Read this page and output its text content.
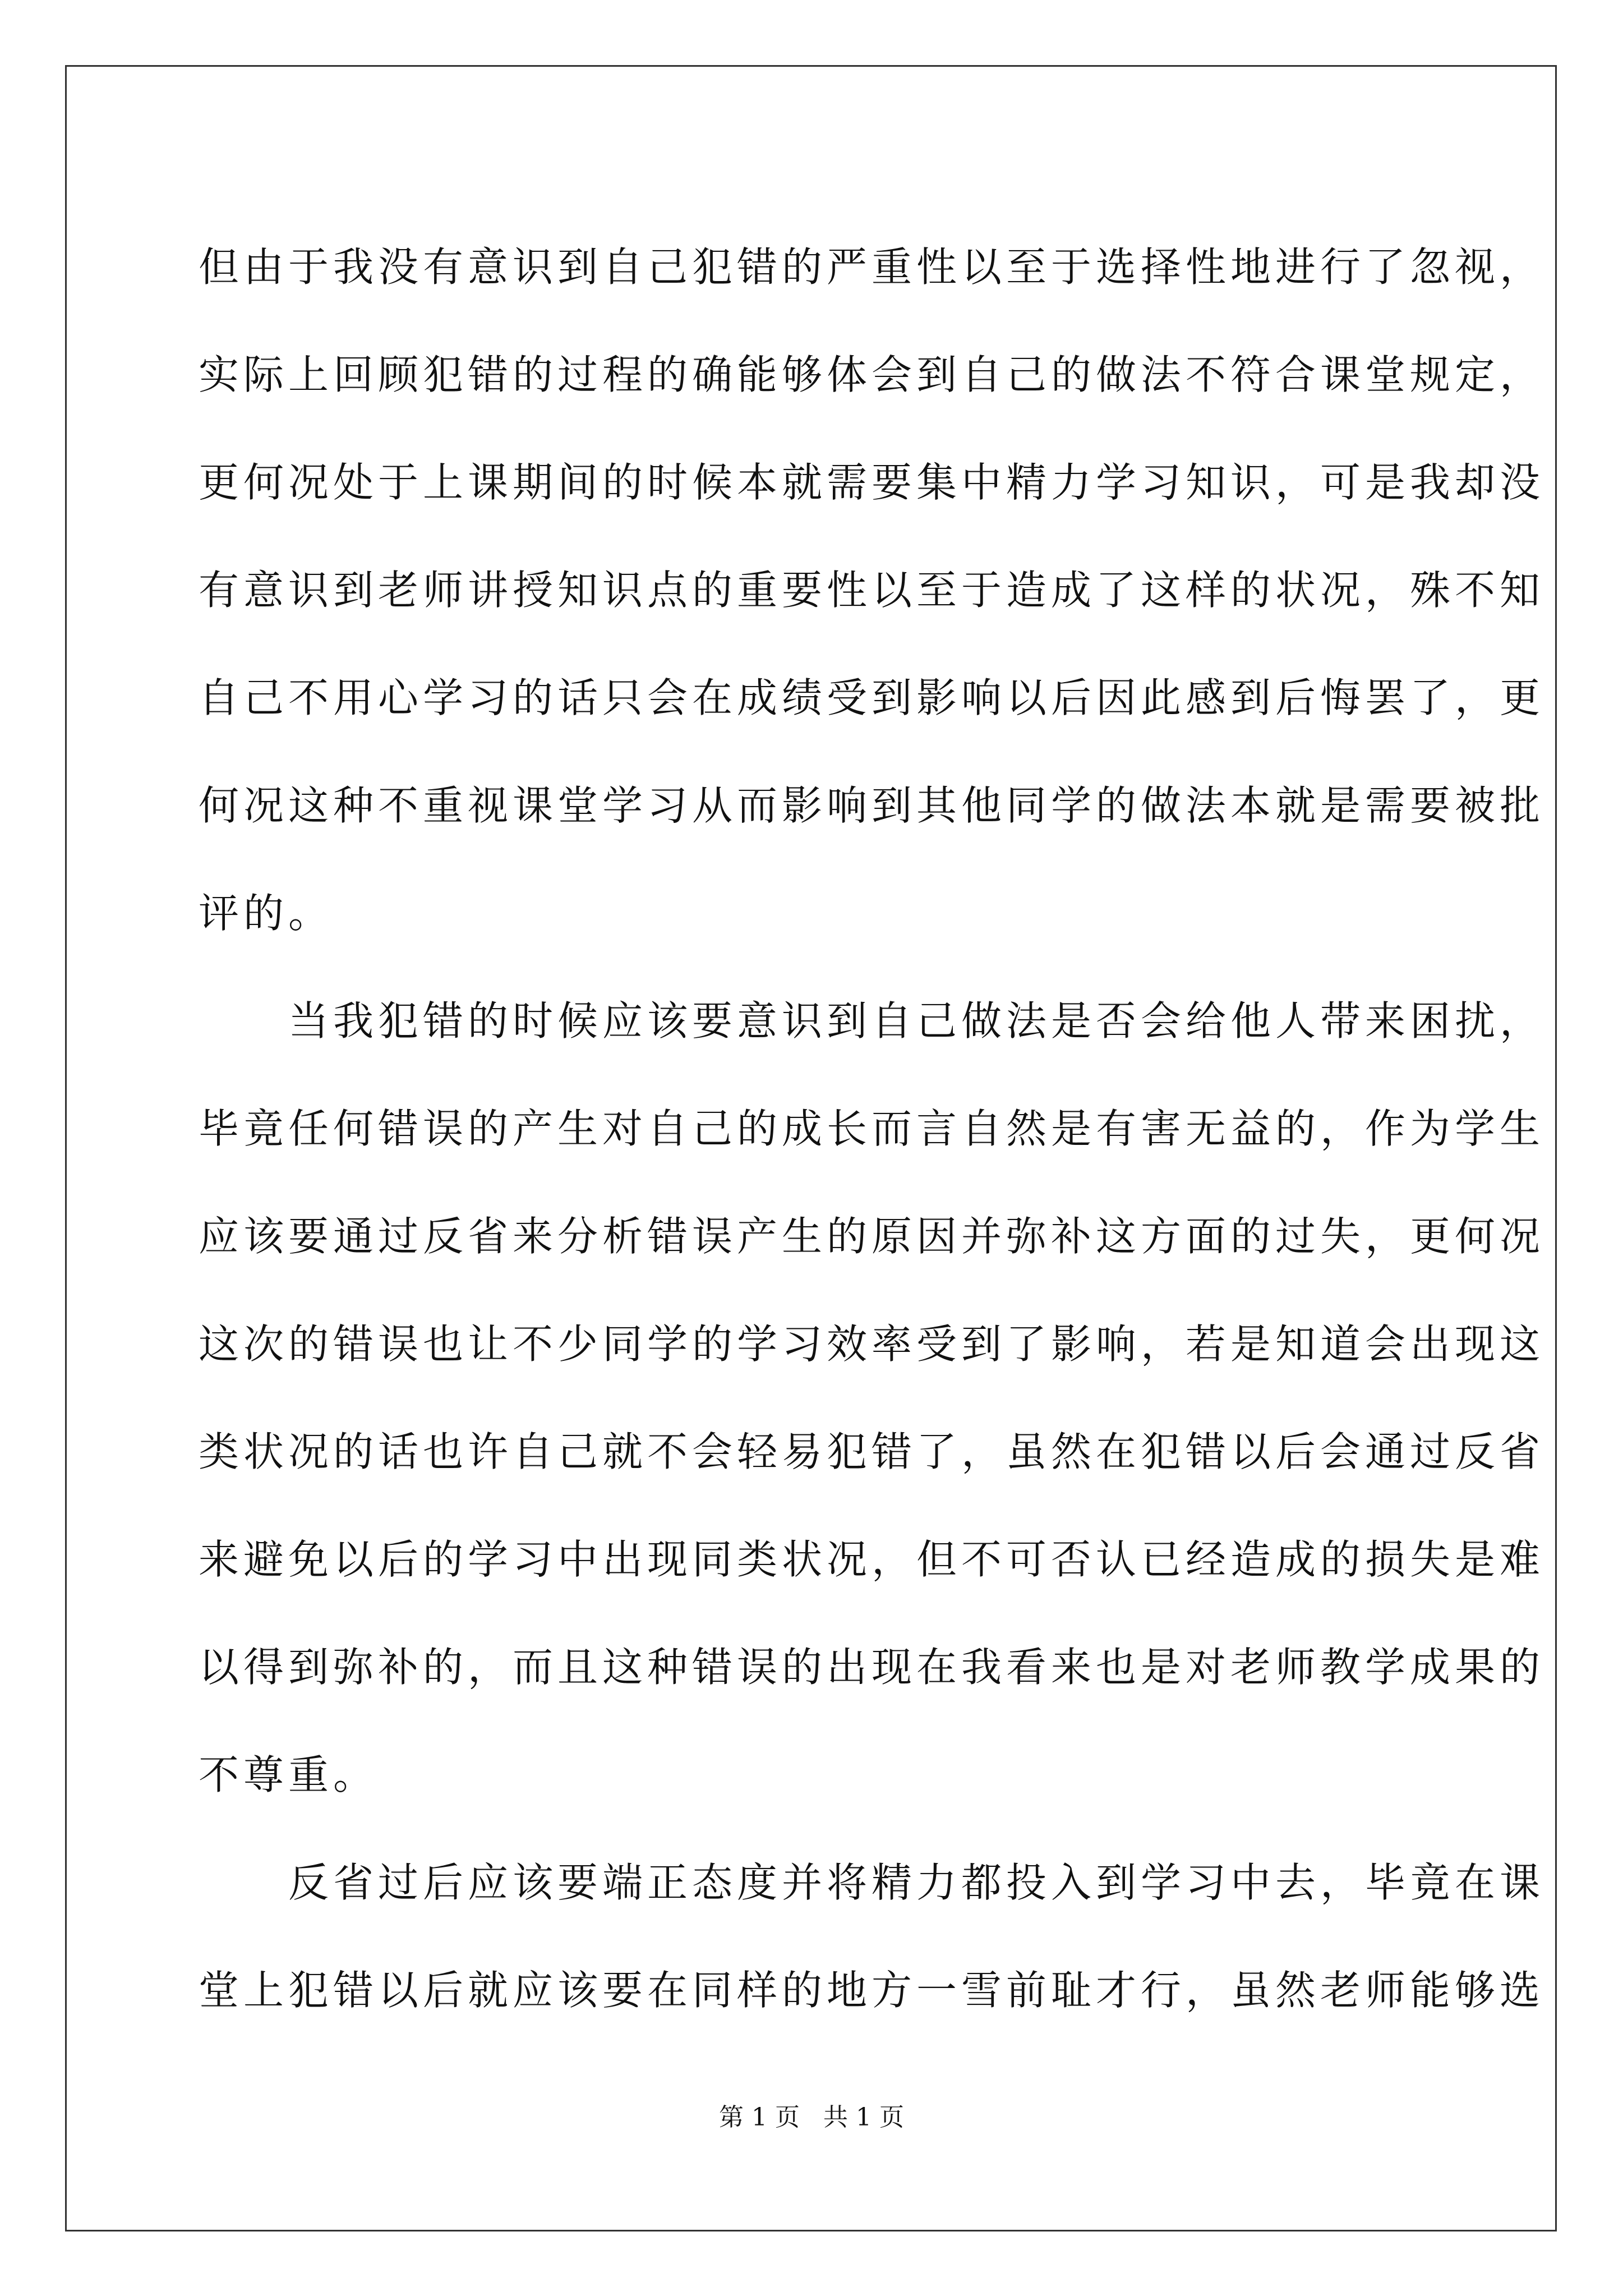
但由于我没有意识到自己犯错的严重性以至于选择性地进行了忽视，
实际上回顾犯错的过程的确能够体会到自己的做法不符合课堂规定，
更何况处于上课期间的时候本就需要集中精力学习知识，可是我却没
有意识到老师讲授知识点的重要性以至于造成了这样的状况，殊不知
自己不用心学习的话只会在成绩受到影响以后因此感到后悔罢了，更
何况这种不重视课堂学习从而影响到其他同学的做法本就是需要被批
评的。
　　当我犯错的时候应该要意识到自己做法是否会给他人带来困扰，
毕竟任何错误的产生对自己的成长而言自然是有害无益的，作为学生
应该要通过反省来分析错误产生的原因并弥补这方面的过失，更何况
这次的错误也让不少同学的学习效率受到了影响，若是知道会出现这
类状况的话也许自己就不会轻易犯错了，虽然在犯错以后会通过反省
来避免以后的学习中出现同类状况，但不可否认已经造成的损失是难
以得到弥补的，而且这种错误的出现在我看来也是对老师教学成果的
不尊重。
　　反省过后应该要端正态度并将精力都投入到学习中去，毕竟在课
堂上犯错以后就应该要在同样的地方一雪前耻才行，虽然老师能够选
第 1 页   共 1 页
